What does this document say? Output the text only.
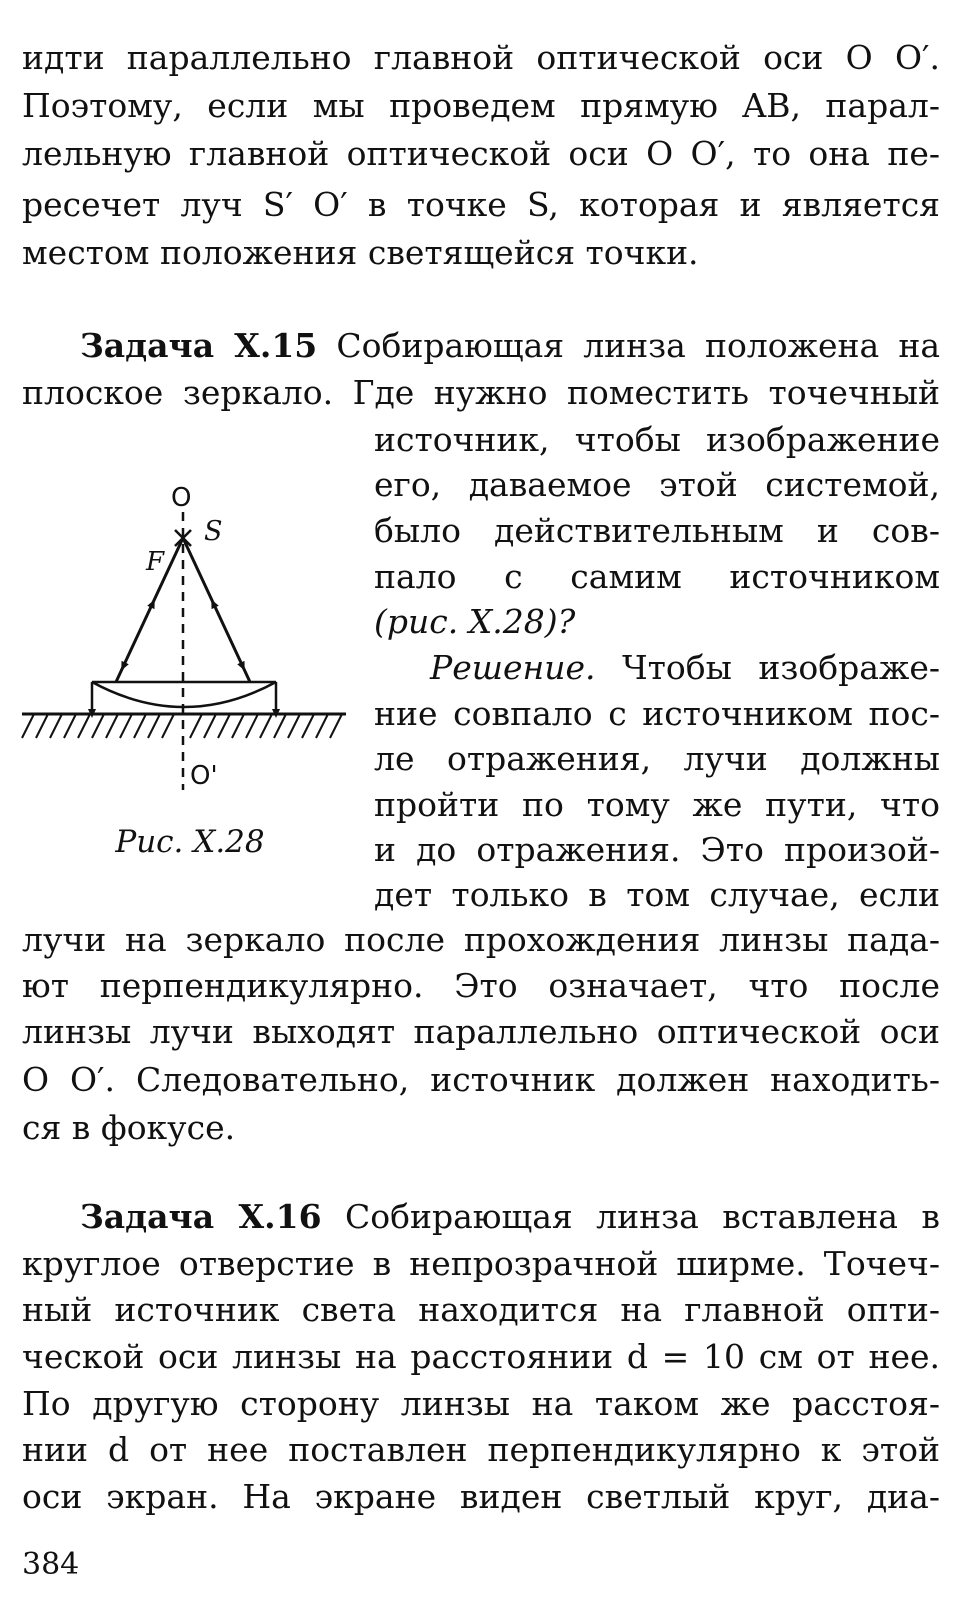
идти параллельно главной оптической оси O O′.
Поэтому, если мы проведем прямую AB, парал-
лельную главной оптической оси O O′, то она пе-
ресечет луч S′ O′ в точке S, которая и является
местом положения светящейся точки.
Задача X.15 Собирающая линза положена на
плоское зеркало. Где нужно поместить точечный
источник, чтобы изображение
его, даваемое этой системой,
было действительным и сов-
пало с самим источником
(рис. X.28)?
Решение. Чтобы изображе-
ние совпало с источником пос-
ле отражения, лучи должны
пройти по тому же пути, что
и до отражения. Это произой-
дет только в том случае, если
лучи на зеркало после прохождения линзы пада-
ют перпендикулярно. Это означает, что после
линзы лучи выходят параллельно оптической оси
O O′. Следовательно, источник должен находить-
ся в фокусе.
O
S
F
O'
Рис. X.28
Задача X.16 Собирающая линза вставлена в
круглое отверстие в непрозрачной ширме. Точеч-
ный источник света находится на главной опти-
ческой оси линзы на расстоянии d = 10 см от нее.
По другую сторону линзы на таком же расстоя-
нии d от нее поставлен перпендикулярно к этой
оси экран. На экране виден светлый круг, диа-
384
